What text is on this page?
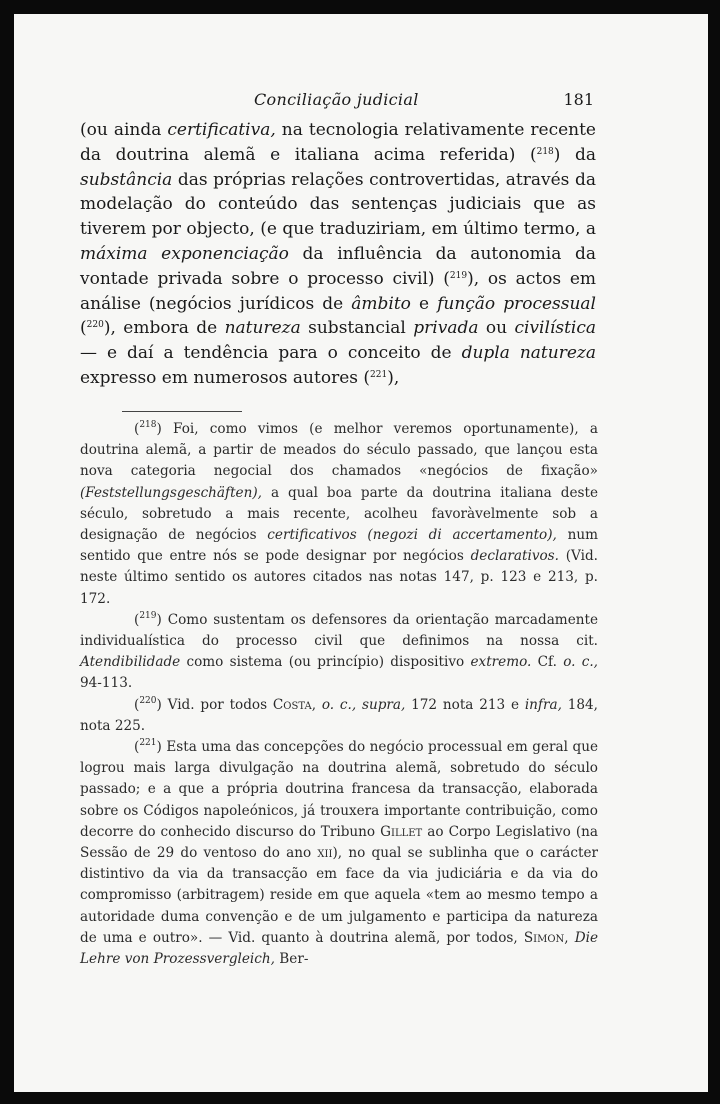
Conciliação judicial	181

(ou ainda certificativa, na tecnologia relativamente recente da doutrina alemã e italiana acima referida) ($^{218}$) da substância das próprias relações controvertidas, através da modelação do conteúdo das sentenças judiciais que as tiverem por objecto, (e que traduziriam, em último termo, a máxima exponenciação da influência da autonomia da vontade privada sobre o processo civil) ($^{219}$), os actos em análise (negócios jurídicos de âmbito e função processual ($^{220}$), embora de natureza substancial privada ou civilística — e daí a tendência para o conceito de dupla natureza expresso em numerosos autores ($^{221}$),

($^{218}$) Foi, como vimos (e melhor veremos oportunamente), a doutrina alemã, a partir de meados do século passado, que lançou esta nova categoria negocial dos chamados «negócios de fixação» (Feststellungsgeschäften), a qual boa parte da doutrina italiana deste século, sobretudo a mais recente, acolheu favoràvelmente sob a designação de negócios certificativos (negozi di accertamento), num sentido que entre nós se pode designar por negócios declarativos. (Vid. neste último sentido os autores citados nas notas 147, p. 123 e 213, p. 172.

($^{219}$) Como sustentam os defensores da orientação marcadamente individualística do processo civil que definimos na nossa cit. Atendibilidade como sistema (ou princípio) dispositivo extremo. Cf. o. c., 94-113.

($^{220}$) Vid. por todos Costa, o. c., supra, 172 nota 213 e infra, 184, nota 225.

($^{221}$) Esta uma das concepções do negócio processual em geral que logrou mais larga divulgação na doutrina alemã, sobretudo do século passado; e a que a própria doutrina francesa da transacção, elaborada sobre os Códigos napoleónicos, já trouxera importante contribuição, como decorre do conhecido discurso do Tribuno Gillet ao Corpo Legislativo (na Sessão de 29 do ventoso do ano xii), no qual se sublinha que o carácter distintivo da via da transacção em face da via judiciária e da via do compromisso (arbitragem) reside em que aquela «tem ao mesmo tempo a autoridade duma convenção e de um julgamento e participa da natureza de uma e outro». — Vid. quanto à doutrina alemã, por todos, Simon, Die Lehre von Prozessvergleich, Ber-
